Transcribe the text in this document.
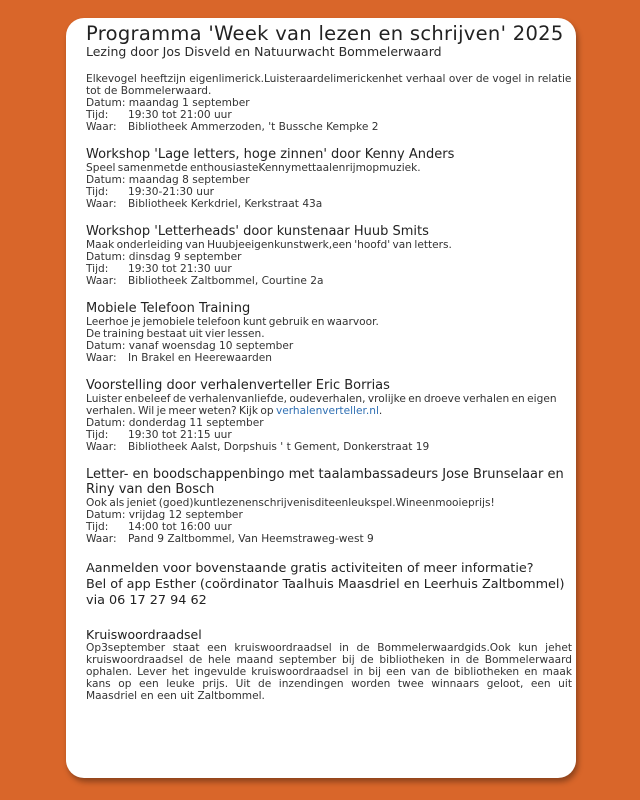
Programma 'Week van lezen en schrijven' 2025
Lezing door Jos Disveld en Natuurwacht Bommelerwaard
Elkevogel heeftzijn eigenlimerick.Luisteraardelimerickenhet verhaal over de vogel in relatie tot de Bommelerwaard.
Datum:
maandag 1 september
Tijd:	19:30 tot 21:00 uur
Waar:	Bibliotheek Ammerzoden, 't Bussche Kempke 2
Workshop 'Lage letters, hoge zinnen' door Kenny Anders
Speel samenmetde enthousiasteKennymettaalenrijmopmuziek.
Datum:
maandag 8 september
Tijd:	19:30-21:30 uur
Waar:	Bibliotheek Kerkdriel, Kerkstraat 43a
Workshop 'Letterheads' door kunstenaar Huub Smits
Maak onderleiding van Huubjeeigenkunstwerk,een 'hoofd' van letters.
Datum:
dinsdag 9 september
Tijd:	19:30 tot 21:30 uur
Waar:	Bibliotheek Zaltbommel, Courtine 2a
Mobiele Telefoon Training
Leerhoe je jemobiele telefoon kunt gebruik en waarvoor.
De training bestaat uit vier lessen.
Datum:
vanaf woensdag 10 september
Waar:	In Brakel en Heerewaarden
Voorstelling door verhalenverteller Eric Borrias
Luister enbeleef de verhalenvanliefde, oudeverhalen, vrolijke en droeve verhalen en eigen verhalen. Wil je meer weten? Kijk op verhalenverteller.nl.
Datum:
donderdag 11 september
Tijd:	19:30 tot 21:15 uur
Waar:	Bibliotheek Aalst, Dorpshuis ' t Gement, Donkerstraat 19
Letter- en boodschappenbingo met taalambassadeurs Jose Brunselaar en Riny van den Bosch
Ook als jeniet (goed)kuntlezenenschrijvenisditeenleukspel.Wineenmooieprijs!
Datum:
vrijdag 12 september
Tijd:	14:00 tot 16:00 uur
Waar:	Pand 9 Zaltbommel, Van Heemstraweg-west 9
Aanmelden voor bovenstaande gratis activiteiten of meer informatie?
Bel of app Esther (coördinator Taalhuis Maasdriel en Leerhuis Zaltbommel)
via 06 17 27 94 62
Kruiswoordraadsel
Op3september staat een kruiswoordraadsel in de Bommelerwaardgids.Ook kun jehet kruiswoordraadsel de hele maand september bij de bibliotheken in de Bommelerwaard ophalen. Lever het ingevulde kruiswoordraadsel in bij een van de bibliotheken en maak kans op een leuke prijs. Uit de inzendingen worden twee winnaars geloot, een uit Maasdriel en een uit Zaltbommel.
